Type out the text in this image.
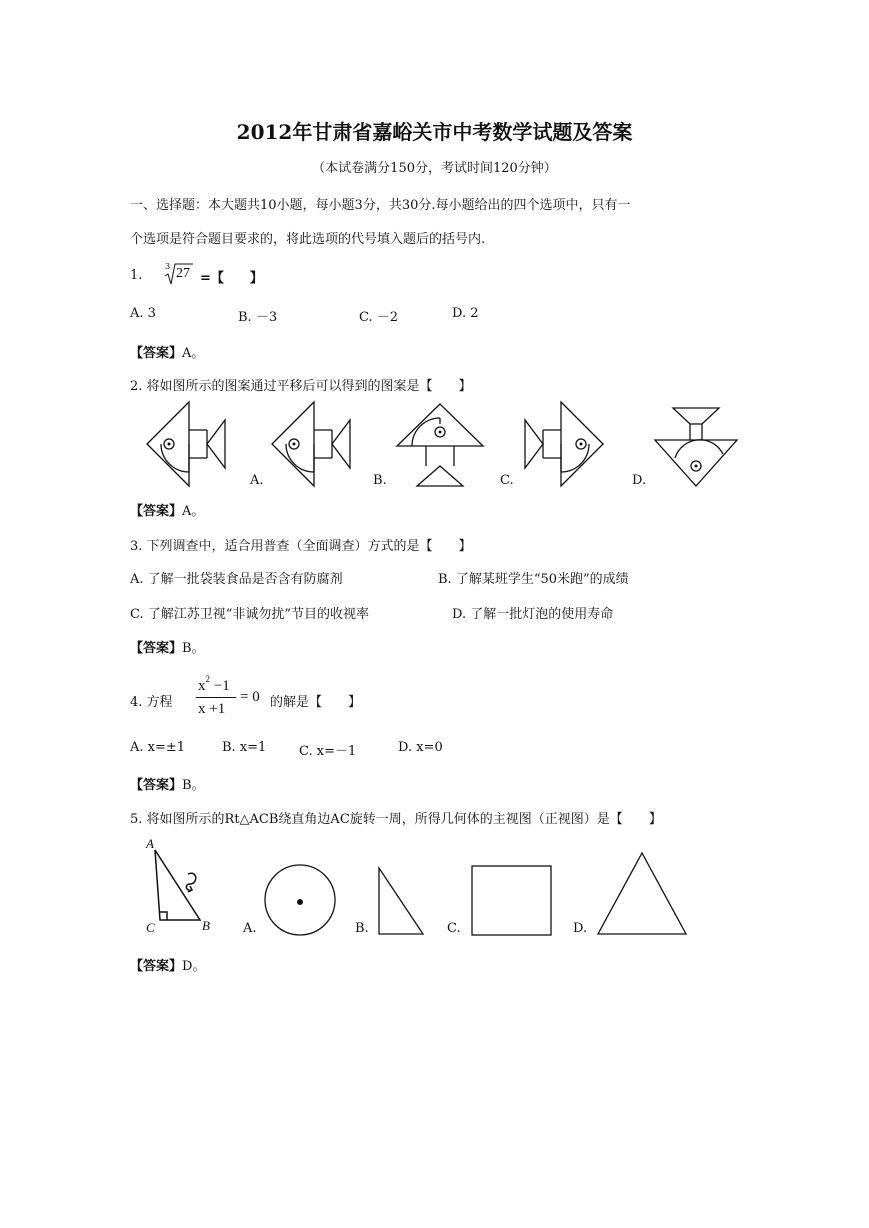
2012年甘肃省嘉峪关市中考数学试题及答案
（本试卷满分150分，考试时间120分钟）
一、选择题：本大题共10小题，每小题3分，共30分.每小题给出的四个选项中，只有一
个选项是符合题目要求的，将此选项的代号填入题后的括号内.
1.
3 27 =【　　】
A. 3	B. －3	C. －2	D. 2
【答案】A。
2. 将如图所示的图案通过平移后可以得到的图案是【　　】
A.	B.	C.	D.
【答案】A。
3. 下列调查中，适合用普查（全面调查）方式的是【　　】
A. 了解一批袋装食品是否含有防腐剂	B. 了解某班学生“50米跑”的成绩
C. 了解江苏卫视“非诚勿扰”节目的收视率	D. 了解一批灯泡的使用寿命
【答案】B。
4. 方程
$x^2 -1$
x +1
= 0 的解是【　　】
A. x=±1	B. x=1	C. x=－1	D. x=0
【答案】B。
5. 将如图所示的Rt△ACB绕直角边AC旋转一周，所得几何体的主视图（正视图）是【　　】
A
C	B	A.	B.	C.	D.
【答案】D。
